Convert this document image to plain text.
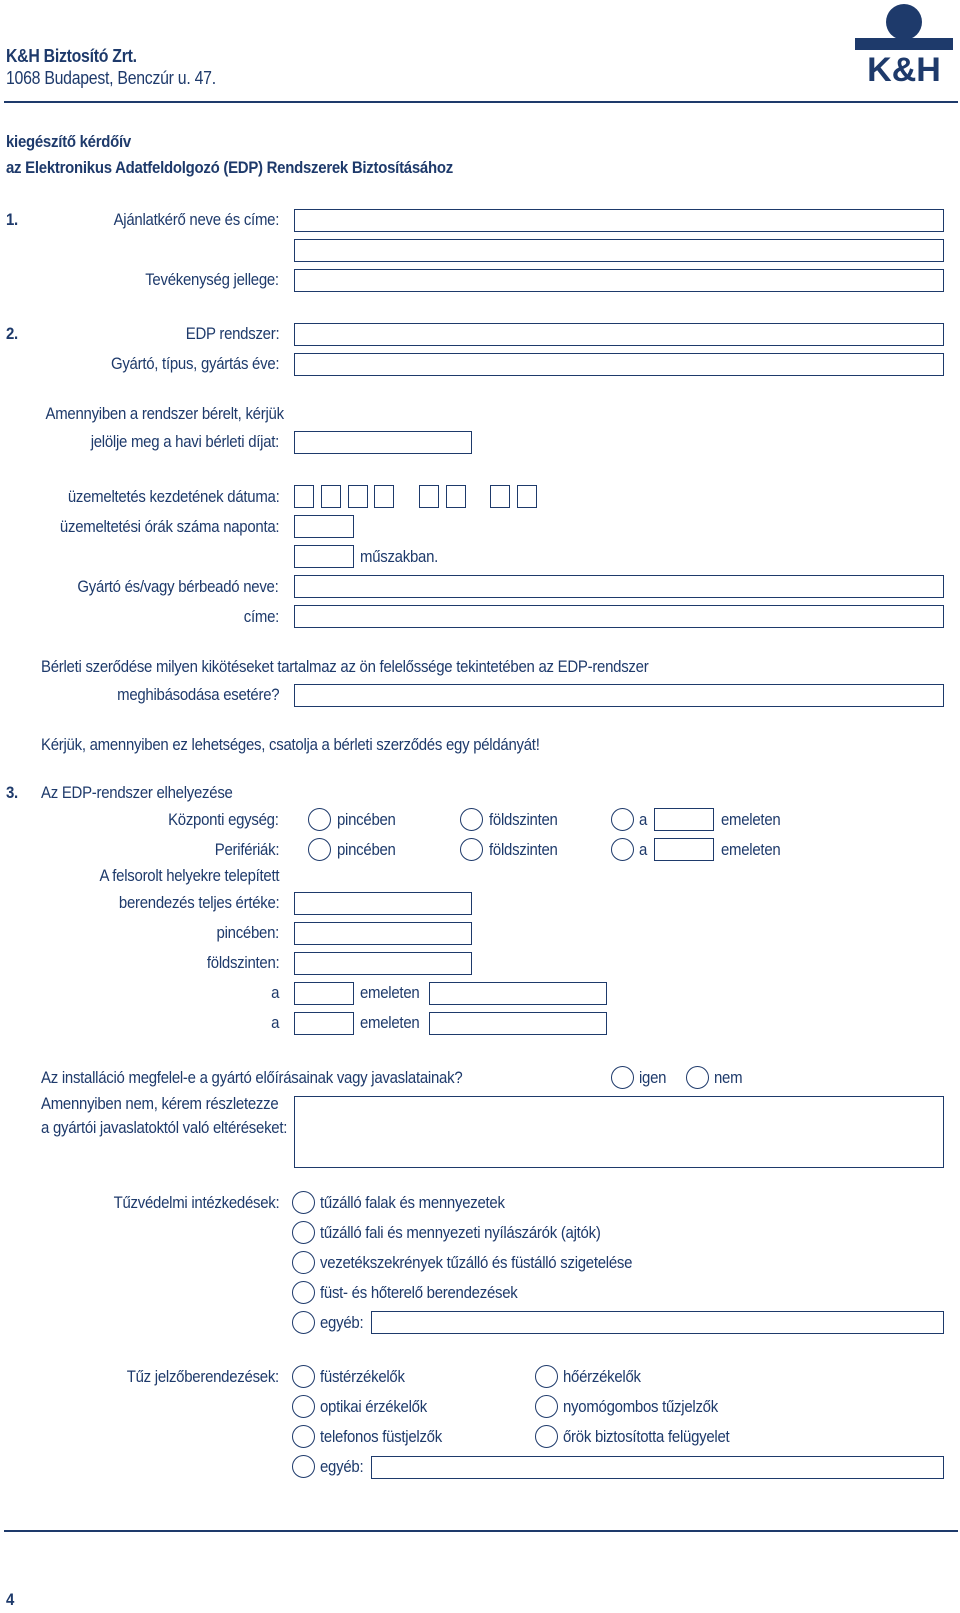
K&H Biztosító Zrt.
1068 Budapest, Benczúr u. 47.	K&H
kiegészítő kérdőív
az Elektronikus Adatfeldolgozó (EDP) Rendszerek Biztosításához
1.	Ajánlatkérő neve és címe:
Tevékenység jellege:
2.	EDP rendszer:
Gyártó, típus, gyártás éve:
Amennyiben a rendszer bérelt, kérjük
jelölje meg a havi bérleti díjat:
üzemeltetés kezdetének dátuma:
üzemeltetési órák száma naponta:
műszakban.
Gyártó és/vagy bérbeadó neve:
címe:
Bérleti szerődése milyen kikötéseket tartalmaz az ön felelőssége tekintetében az EDP-rendszer
meghibásodása esetére?
Kérjük, amennyiben ez lehetséges, csatolja a bérleti szerződés egy példányát!
3. Az EDP-rendszer elhelyezése
Központi egység:	pincében	földszinten	a	emeleten
Perifériák:	pincében	földszinten	a	emeleten
A felsorolt helyekre telepített
berendezés teljes értéke:
pincében:
földszinten:
a	emeleten
a	emeleten
Az installáció megfelel-e a gyártó előírásainak vagy javaslatainak?	igen	nem
Amennyiben nem, kérem részletezze
a gyártói javaslatoktól való eltéréseket:
Tűzvédelmi intézkedések: tűzálló falak és mennyezetek
tűzálló fali és mennyezeti nyílászárók (ajtók)
vezetékszekrények tűzálló és füstálló szigetelése
füst- és hőterelő berendezések
egyéb:
Tűz jelzőberendezések: füstérzékelők	hőérzékelők
optikai érzékelők	nyomógombos tűzjelzők
telefonos füstjelzők	őrök biztosította felügyelet
egyéb:
4
